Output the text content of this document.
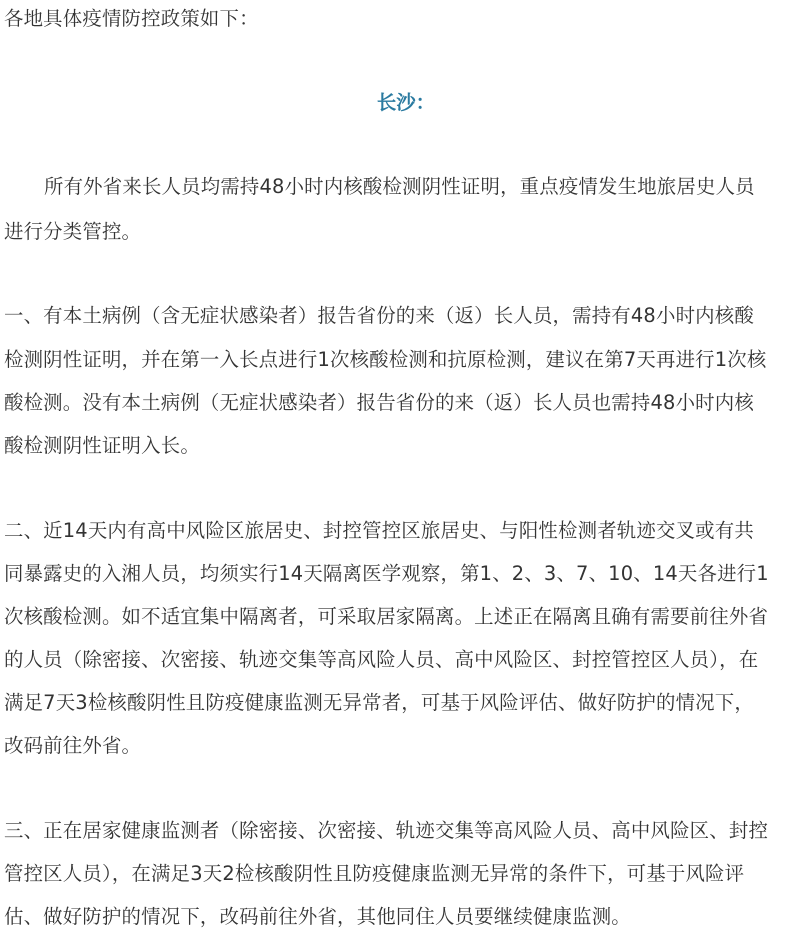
各地具体疫情防控政策如下：
长沙：
所有外省来长人员均需持48小时内核酸检测阴性证明，重点疫情发生地旅居史人员
进行分类管控。
一、有本土病例（含无症状感染者）报告省份的来（返）长人员，需持有48小时内核酸
检测阴性证明，并在第一入长点进行1次核酸检测和抗原检测，建议在第7天再进行1次核
酸检测。没有本土病例（无症状感染者）报告省份的来（返）长人员也需持48小时内核
酸检测阴性证明入长。
二、近14天内有高中风险区旅居史、封控管控区旅居史、与阳性检测者轨迹交叉或有共
同暴露史的入湘人员，均须实行14天隔离医学观察，第1、2、3、7、10、14天各进行1
次核酸检测。如不适宜集中隔离者，可采取居家隔离。上述正在隔离且确有需要前往外省
的人员（除密接、次密接、轨迹交集等高风险人员、高中风险区、封控管控区人员），在
满足7天3检核酸阴性且防疫健康监测无异常者，可基于风险评估、做好防护的情况下，
改码前往外省。
三、正在居家健康监测者（除密接、次密接、轨迹交集等高风险人员、高中风险区、封控
管控区人员），在满足3天2检核酸阴性且防疫健康监测无异常的条件下，可基于风险评
估、做好防护的情况下，改码前往外省，其他同住人员要继续健康监测。
